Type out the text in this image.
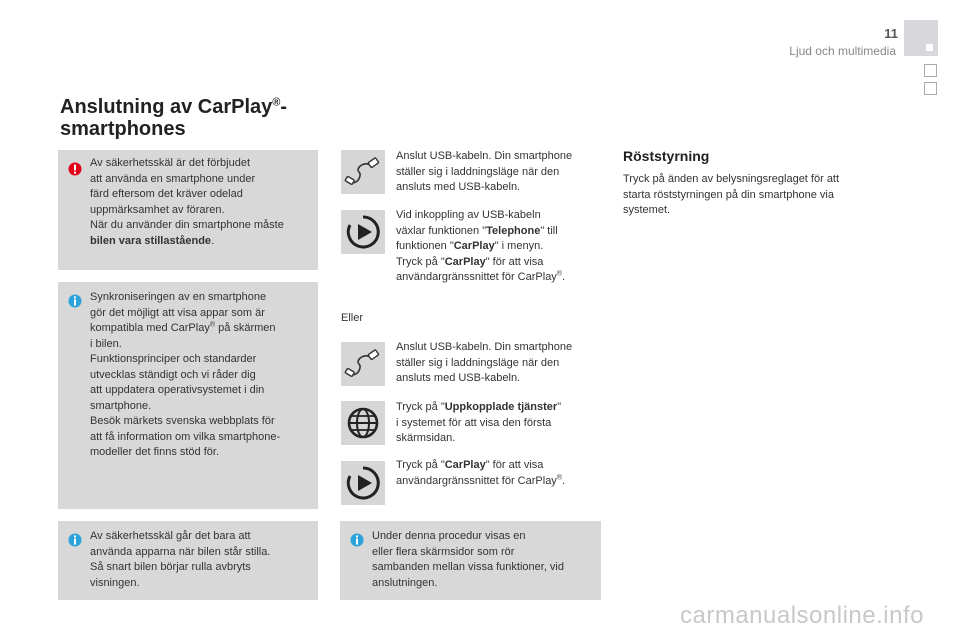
11
Ljud och multimedia
Anslutning av CarPlay®-
smartphones
Av säkerhetsskäl är det förbjudet
att använda en smartphone under
färd eftersom det kräver odelad
uppmärksamhet av föraren.
När du använder din smartphone måste
bilen vara stillastående.
Synkroniseringen av en smartphone
gör det möjligt att visa appar som är
kompatibla med CarPlay® på skärmen
i bilen.
Funktionsprinciper och standarder
utvecklas ständigt och vi råder dig
att uppdatera operativsystemet i din
smartphone.
Besök märkets svenska webbplats för
att få information om vilka smartphone-
modeller det finns stöd för.
Av säkerhetsskäl går det bara att
använda apparna när bilen står stilla.
Så snart bilen börjar rulla avbryts
visningen.
Anslut USB-kabeln. Din smartphone
ställer sig i laddningsläge när den
ansluts med USB-kabeln.
Vid inkoppling av USB-kabeln
växlar funktionen "Telephone" till
funktionen "CarPlay" i menyn.
Tryck på "CarPlay" för att visa
användargränssnittet för CarPlay®.
Eller
Anslut USB-kabeln. Din smartphone
ställer sig i laddningsläge när den
ansluts med USB-kabeln.
Tryck på "Uppkopplade tjänster"
i systemet för att visa den första
skärmsidan.
Tryck på "CarPlay" för att visa
användargränssnittet för CarPlay®.
Under denna procedur visas en
eller flera skärmsidor som rör
sambanden mellan vissa funktioner, vid
anslutningen.
Röststyrning
Tryck på änden av belysningsreglaget för att
starta röststyrningen på din smartphone via
systemet.
carmanualsonline.info
